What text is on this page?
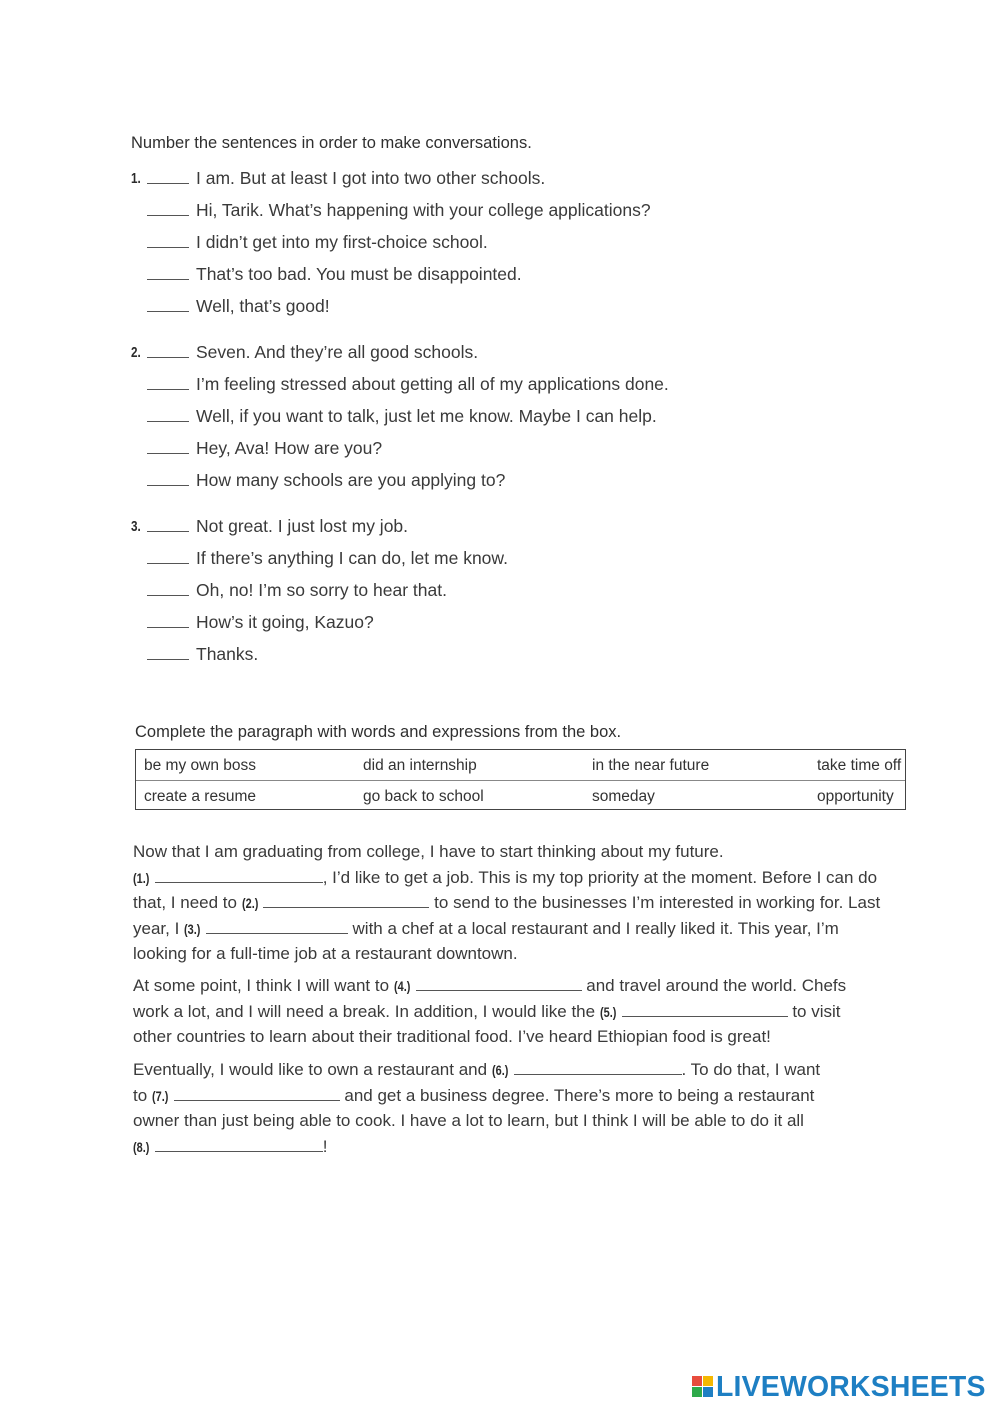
Number the sentences in order to make conversations.
1.	I am. But at least I got into two other schools.
Hi, Tarik. What’s happening with your college applications?
I didn’t get into my first-choice school.
That’s too bad. You must be disappointed.
Well, that’s good!
2.	Seven. And they’re all good schools.
I’m feeling stressed about getting all of my applications done.
Well, if you want to talk, just let me know. Maybe I can help.
Hey, Ava! How are you?
How many schools are you applying to?
3.	Not great. I just lost my job.
If there’s anything I can do, let me know.
Oh, no! I’m so sorry to hear that.
How’s it going, Kazuo?
Thanks.
Complete the paragraph with words and expressions from the box.
be my own boss	did an internship	in the near future	take time off
create a resume	go back to school	someday	opportunity
Now that I am graduating from college, I have to start thinking about my future.
(1.)	, I’d like to get a job. This is my top priority at the moment. Before I can do
that, I need to (2.)	to send to the businesses I’m interested in working for. Last
year, I (3.)	with a chef at a local restaurant and I really liked it. This year, I’m
looking for a full-time job at a restaurant downtown.
At some point, I think I will want to (4.)	and travel around the world. Chefs
work a lot, and I will need a break. In addition, I would like the (5.)	to visit
other countries to learn about their traditional food. I’ve heard Ethiopian food is great!
Eventually, I would like to own a restaurant and (6.)	. To do that, I want
to (7.)	and get a business degree. There’s more to being a restaurant
owner than just being able to cook. I have a lot to learn, but I think I will be able to do it all
(8.)	!
LIVEWORKSHEETS
